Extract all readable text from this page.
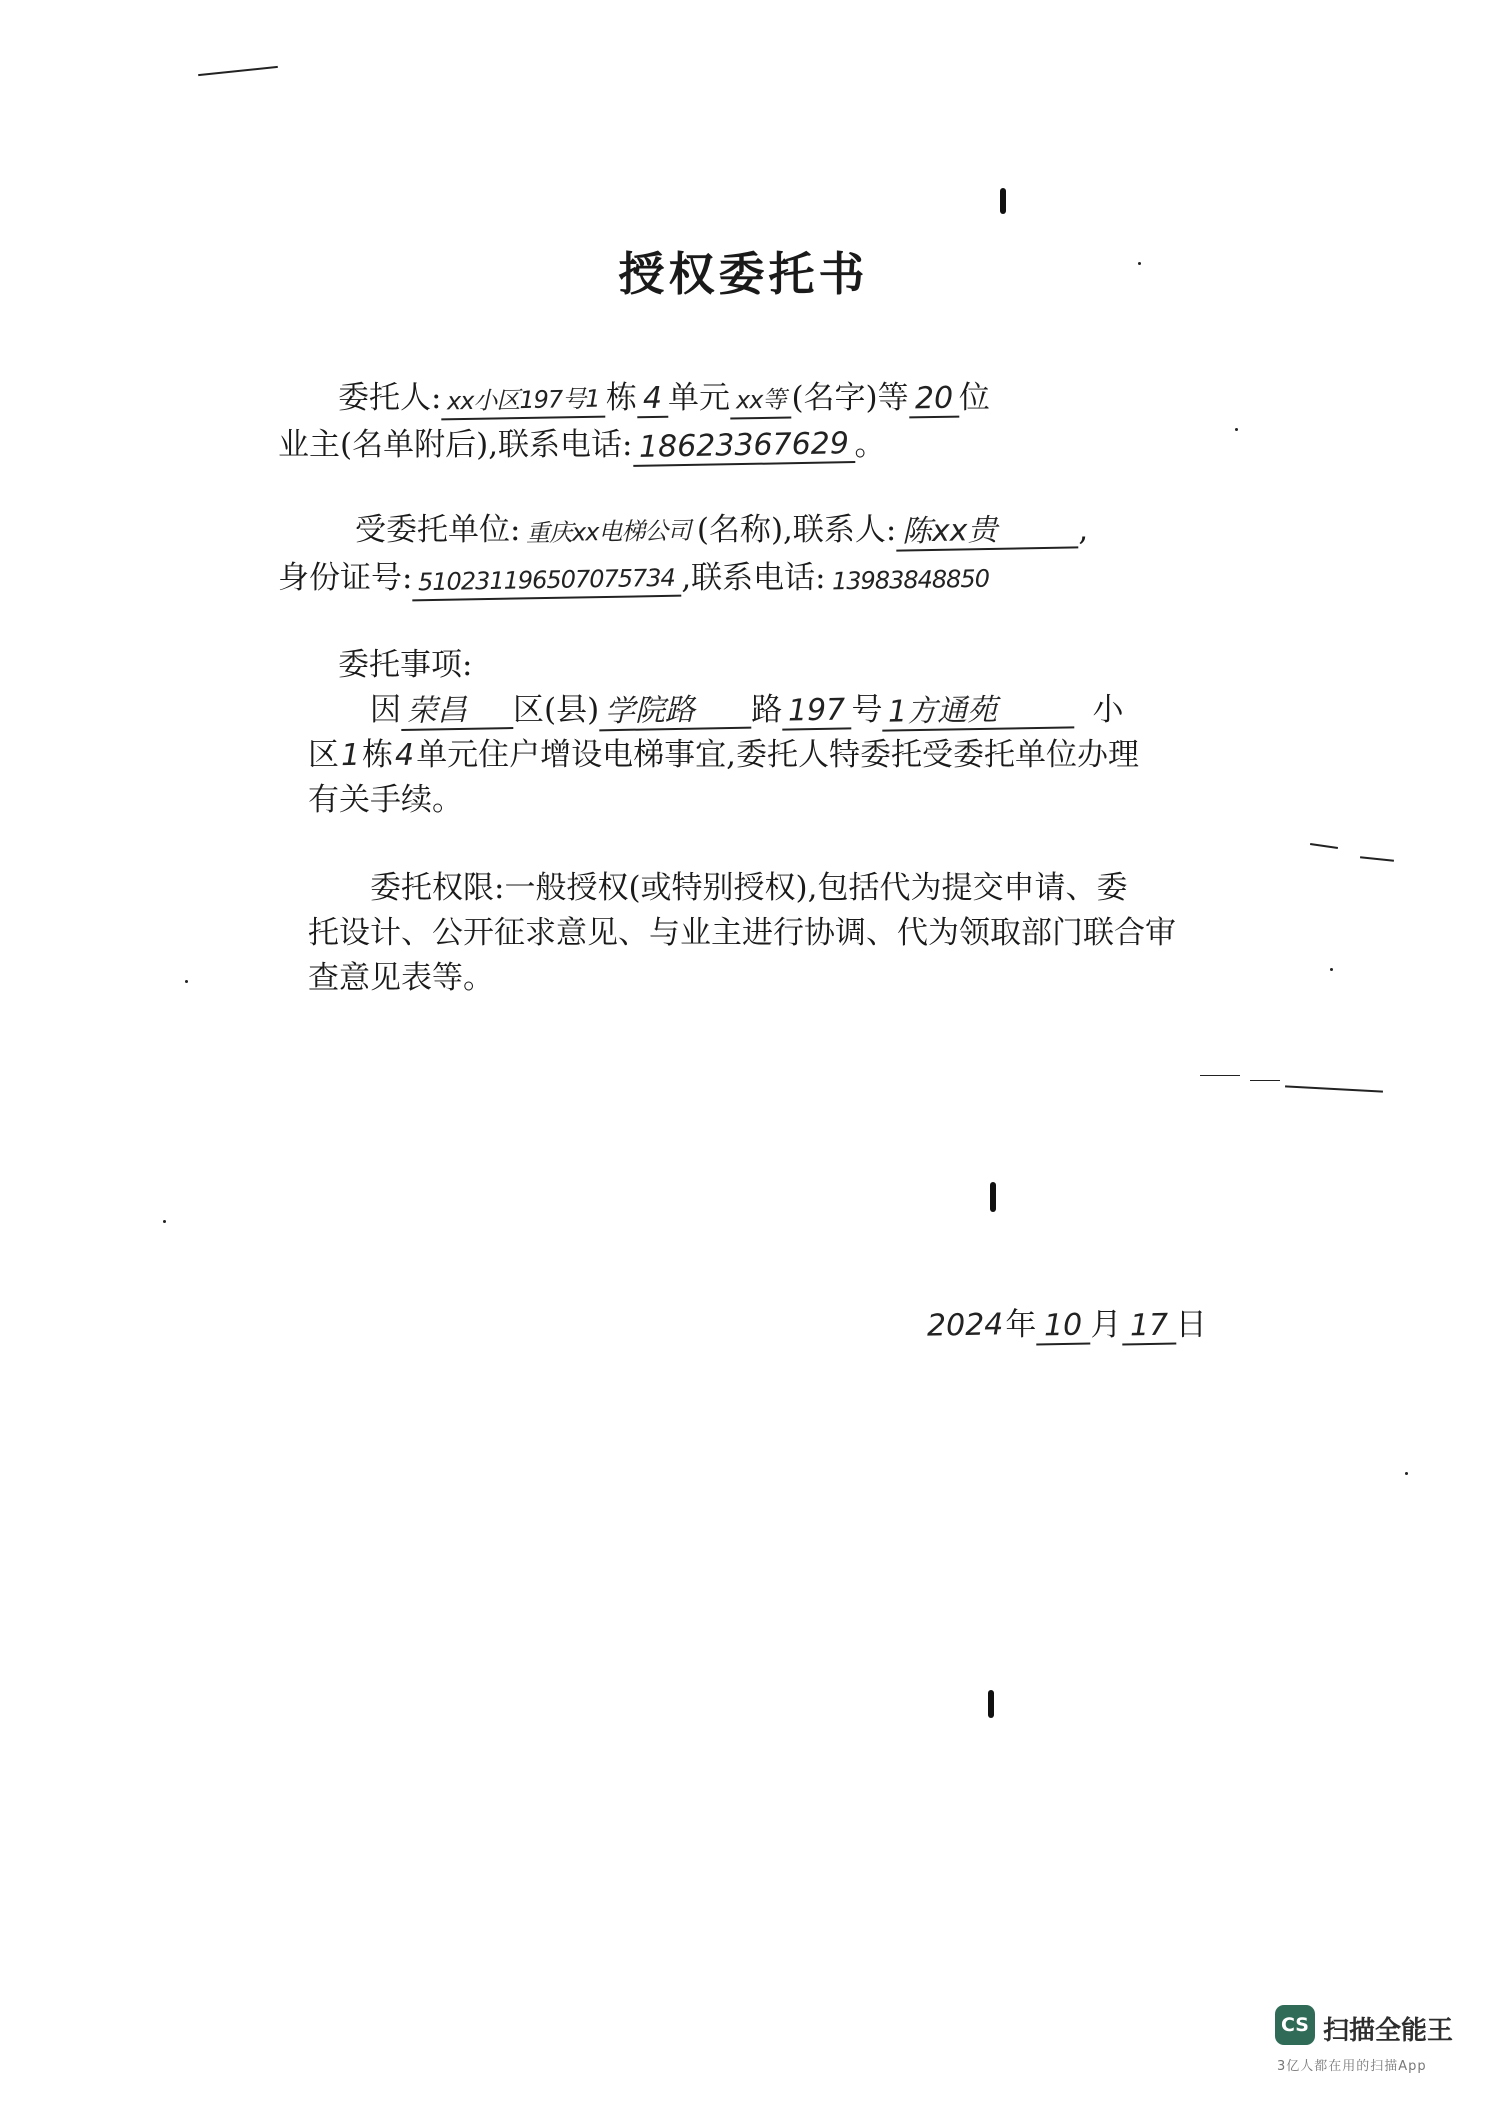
授权委托书
委托人: xx小区197号1 栋 4 单元 xx等 (名字)等 20 位
业主(名单附后),联系电话: 18623367629 。
受委托单位: 重庆xx电梯公司 (名称),联系人: 陈xx贵	,
身份证号: 510231196507075734 ,联系电话: 13983848850
委托事项:
因 荣昌 区(县) 学院路 路 197 号 1方通苑	小
区1栋4单元住户增设电梯事宜,委托人特委托受委托单位办理
有关手续。
委托权限:一般授权(或特别授权),包括代为提交申请、委
托设计、公开征求意见、与业主进行协调、代为领取部门联合审
查意见表等。
2024年 10 月 17 日
CS 扫描全能王
3亿人都在用的扫描App
